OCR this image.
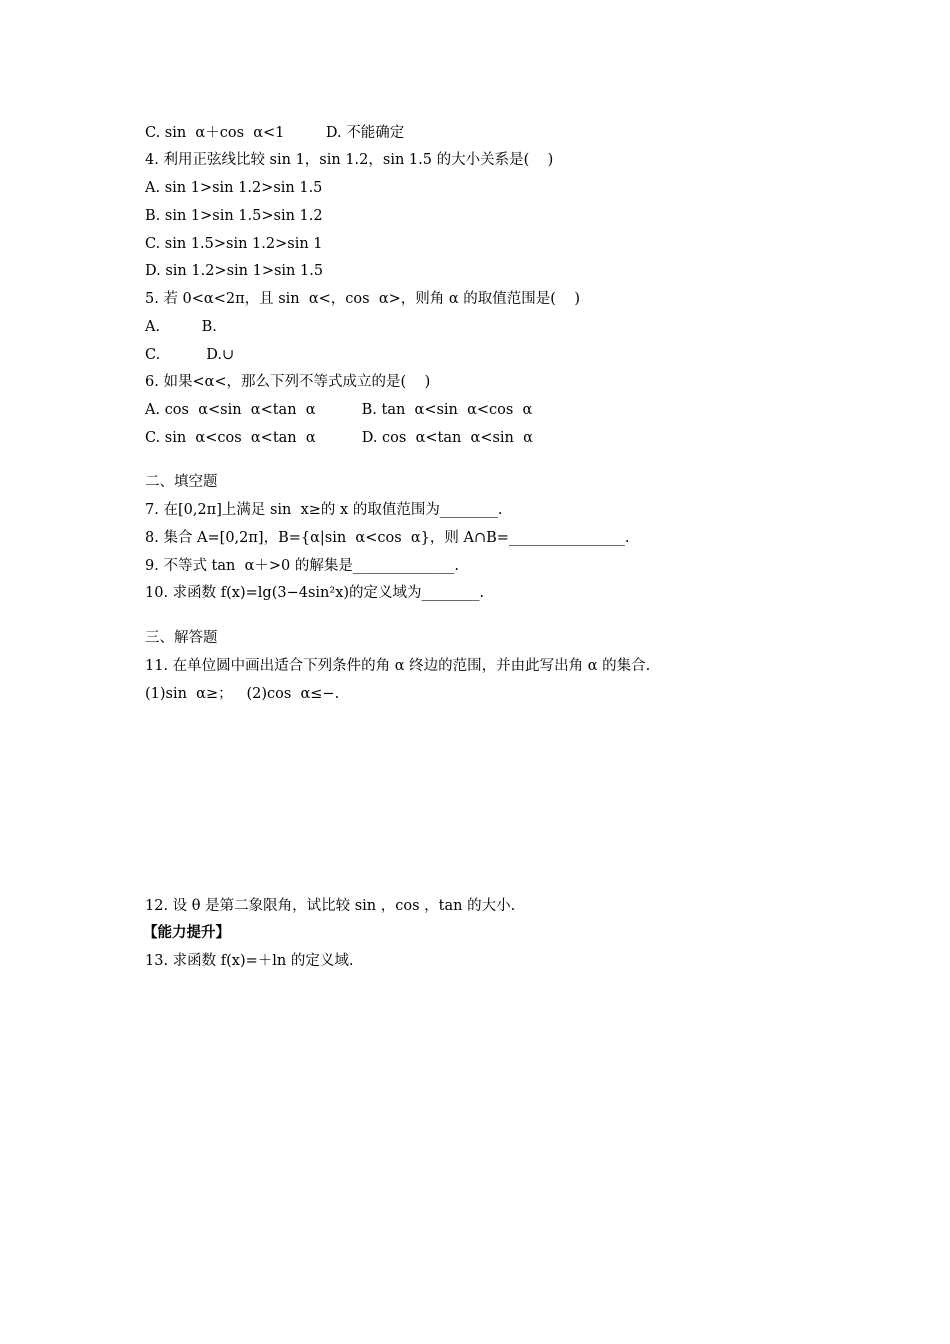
C. sin  α＋cos  α<1         D. 不能确定
4. 利用正弦线比较 sin 1，sin 1.2，sin 1.5 的大小关系是(    )
A. sin 1>sin 1.2>sin 1.5
B. sin 1>sin 1.5>sin 1.2
C. sin 1.5>sin 1.2>sin 1
D. sin 1.2>sin 1>sin 1.5
5. 若 0<α<2π，且 sin  α<，cos  α>，则角 α 的取值范围是(    )
A.         B.
C.          D.∪
6. 如果<α<，那么下列不等式成立的是(    )
A. cos  α<sin  α<tan  α          B. tan  α<sin  α<cos  α
C. sin  α<cos  α<tan  α          D. cos  α<tan  α<sin  α
二、填空题
7. 在[0,2π]上满足 sin  x≥的 x 的取值范围为________.
8. 集合 A=[0,2π]，B={α|sin  α<cos  α}，则 A∩B=________________.
9. 不等式 tan  α＋>0 的解集是______________.
10. 求函数 f(x)=lg(3−4sin²x)的定义域为________.
三、解答题
11. 在单位圆中画出适合下列条件的角 α 终边的范围，并由此写出角 α 的集合.
(1)sin  α≥；   (2)cos  α≤−.
12. 设 θ 是第二象限角，试比较 sin ，cos ，tan 的大小.
【能力提升】
13. 求函数 f(x)=＋ln 的定义域.
